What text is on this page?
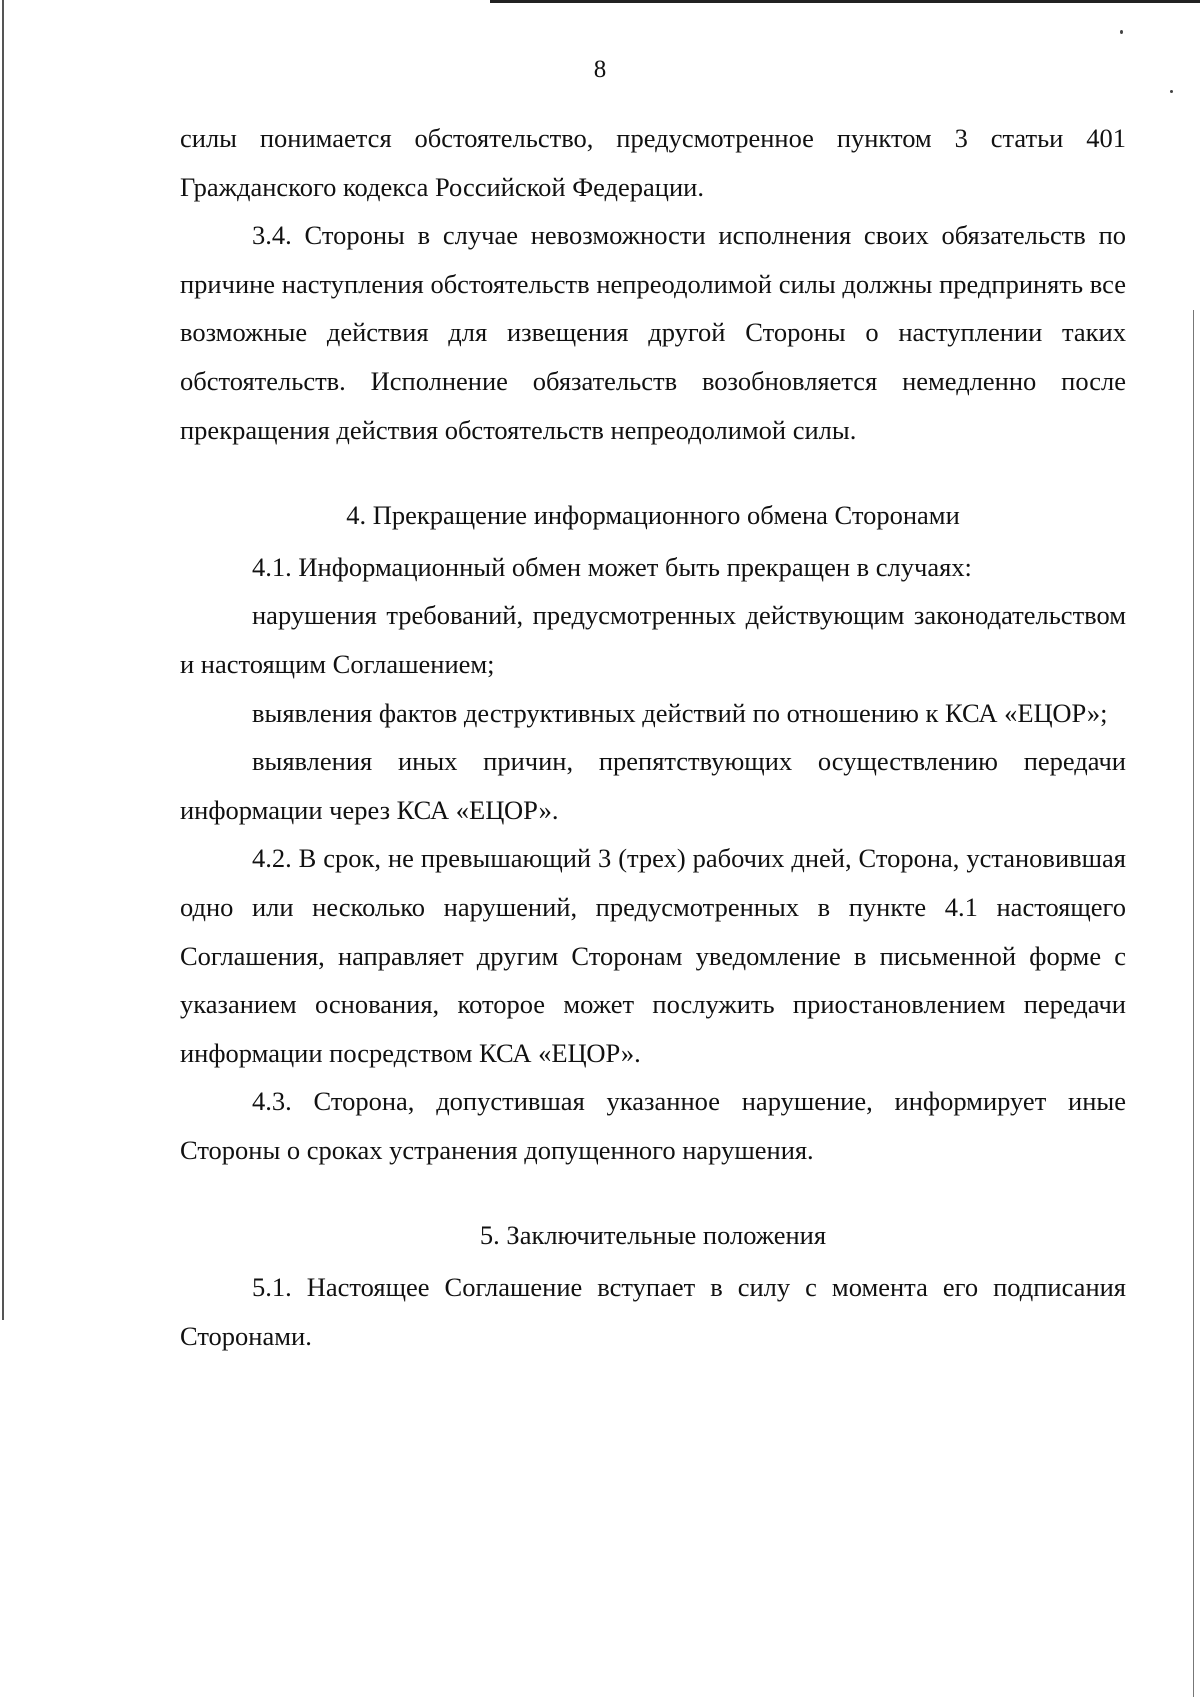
8

силы понимается обстоятельство, предусмотренное пунктом 3 статьи 401 Гражданского кодекса Российской Федерации.

3.4. Стороны в случае невозможности исполнения своих обязательств по причине наступления обстоятельств непреодолимой силы должны предпринять все возможные действия для извещения другой Стороны о наступлении таких обстоятельств. Исполнение обязательств возобновляется немедленно после прекращения действия обстоятельств непреодолимой силы.

4. Прекращение информационного обмена Сторонами

4.1. Информационный обмен может быть прекращен в случаях:

нарушения требований, предусмотренных действующим законодательством и настоящим Соглашением;

выявления фактов деструктивных действий по отношению к КСА «ЕЦОР»;

выявления иных причин, препятствующих осуществлению передачи информации через КСА «ЕЦОР».

4.2. В срок, не превышающий 3 (трех) рабочих дней, Сторона, установившая одно или несколько нарушений, предусмотренных в пункте 4.1 настоящего Соглашения, направляет другим Сторонам уведомление в письменной форме с указанием основания, которое может послужить приостановлением передачи информации посредством КСА «ЕЦОР».

4.3. Сторона, допустившая указанное нарушение, информирует иные Стороны о сроках устранения допущенного нарушения.

5. Заключительные положения

5.1. Настоящее Соглашение вступает в силу с момента его подписания Сторонами.
